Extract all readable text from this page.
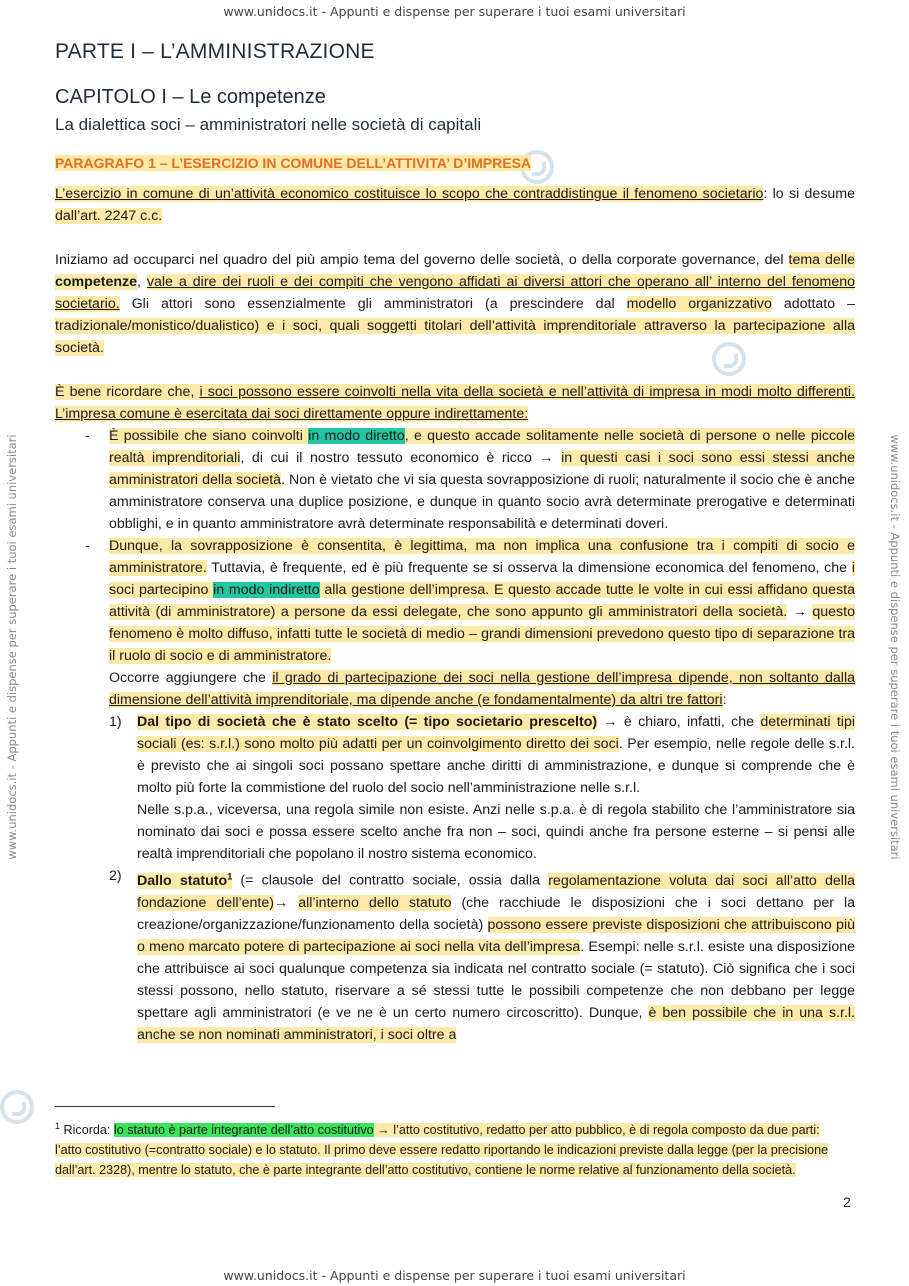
www.unidocs.it - Appunti e dispense per superare i tuoi esami universitari
www.unidocs.it - Appunti e dispense per superare i tuoi esami universitari	www.unidocs.it - Appunti e dispense per superare i tuoi esami universitari
PARTE I – L’AMMINISTRAZIONE
CAPITOLO I – Le competenze
La dialettica soci – amministratori nelle società di capitali
PARAGRAFO 1 – L’ESERCIZIO IN COMUNE DELL’ATTIVITA’ D’IMPRESA

L’esercizio in comune di un’attività economico costituisce lo scopo che contraddistingue il fenomeno societario: lo si desume dall’art. 2247 c.c.

Iniziamo ad occuparci nel quadro del più ampio tema del governo delle società, o della corporate governance, del tema delle competenze, vale a dire dei ruoli e dei compiti che vengono affidati ai diversi attori che operano all’ interno del fenomeno societario. Gli attori sono essenzialmente gli amministratori (a prescindere dal modello organizzativo adottato – tradizionale/monistico/dualistico) e i soci, quali soggetti titolari dell’attività imprenditoriale attraverso la partecipazione alla società.

È bene ricordare che, i soci possono essere coinvolti nella vita della società e nell’attività di impresa in modi molto differenti. L’impresa comune è esercitata dai soci direttamente oppure indirettamente:

- È possibile che siano coinvolti in modo diretto, e questo accade solitamente nelle società di persone o nelle piccole realtà imprenditoriali, di cui il nostro tessuto economico è ricco → in questi casi i soci sono essi stessi anche amministratori della società. Non è vietato che vi sia questa sovrapposizione di ruoli; naturalmente il socio che è anche amministratore conserva una duplice posizione, e dunque in quanto socio avrà determinate prerogative e determinati obblighi, e in quanto amministratore avrà determinate responsabilità e determinati doveri.

- Dunque, la sovrapposizione è consentita, è legittima, ma non implica una confusione tra i compiti di socio e amministratore. Tuttavia, è frequente, ed è più frequente se si osserva la dimensione economica del fenomeno, che i soci partecipino in modo indiretto alla gestione dell’impresa. E questo accade tutte le volte in cui essi affidano questa attività (di amministratore) a persone da essi delegate, che sono appunto gli amministratori della società. → questo fenomeno è molto diffuso, infatti tutte le società di medio – grandi dimensioni prevedono questo tipo di separazione tra il ruolo di socio e di amministratore.

Occorre aggiungere che il grado di partecipazione dei soci nella gestione dell’impresa dipende, non soltanto dalla dimensione dell’attività imprenditoriale, ma dipende anche (e fondamentalmente) da altri tre fattori:

1) Dal tipo di società che è stato scelto (= tipo societario prescelto) → è chiaro, infatti, che determinati tipi sociali (es: s.r.l.) sono molto più adatti per un coinvolgimento diretto dei soci. Per esempio, nelle regole delle s.r.l. è previsto che ai singoli soci possano spettare anche diritti di amministrazione, e dunque si comprende che è molto più forte la commistione del ruolo del socio nell’amministrazione nelle s.r.l.

Nelle s.p.a., viceversa, una regola simile non esiste. Anzi nelle s.p.a. è di regola stabilito che l’amministratore sia nominato dai soci e possa essere scelto anche fra non – soci, quindi anche fra persone esterne – si pensi alle realtà imprenditoriali che popolano il nostro sistema economico.

2) Dallo statuto$^1$ (= clausole del contratto sociale, ossia dalla regolamentazione voluta dai soci all’atto della fondazione dell’ente)→ all’interno dello statuto (che racchiude le disposizioni che i soci dettano per la creazione/organizzazione/funzionamento della società) possono essere previste disposizioni che attribuiscono più o meno marcato potere di partecipazione ai soci nella vita dell’impresa. Esempi: nelle s.r.l. esiste una disposizione che attribuisce ai soci qualunque competenza sia indicata nel contratto sociale (= statuto). Ciò significa che i soci stessi possono, nello statuto, riservare a sé stessi tutte le possibili competenze che non debbano per legge spettare agli amministratori (e ve ne è un certo numero circoscritto). Dunque, è ben possibile che in una s.r.l. anche se non nominati amministratori, i soci oltre a

$^1$ Ricorda: lo statuto è parte integrante dell’atto costitutivo → l’atto costitutivo, redatto per atto pubblico, è di regola composto da due parti: l’atto costitutivo (=contratto sociale) e lo statuto. Il primo deve essere redatto riportando le indicazioni previste dalla legge (per la precisione dall’art. 2328), mentre lo statuto, che è parte integrante dell’atto costitutivo, contiene le norme relative al funzionamento della società.
2
www.unidocs.it - Appunti e dispense per superare i tuoi esami universitari
